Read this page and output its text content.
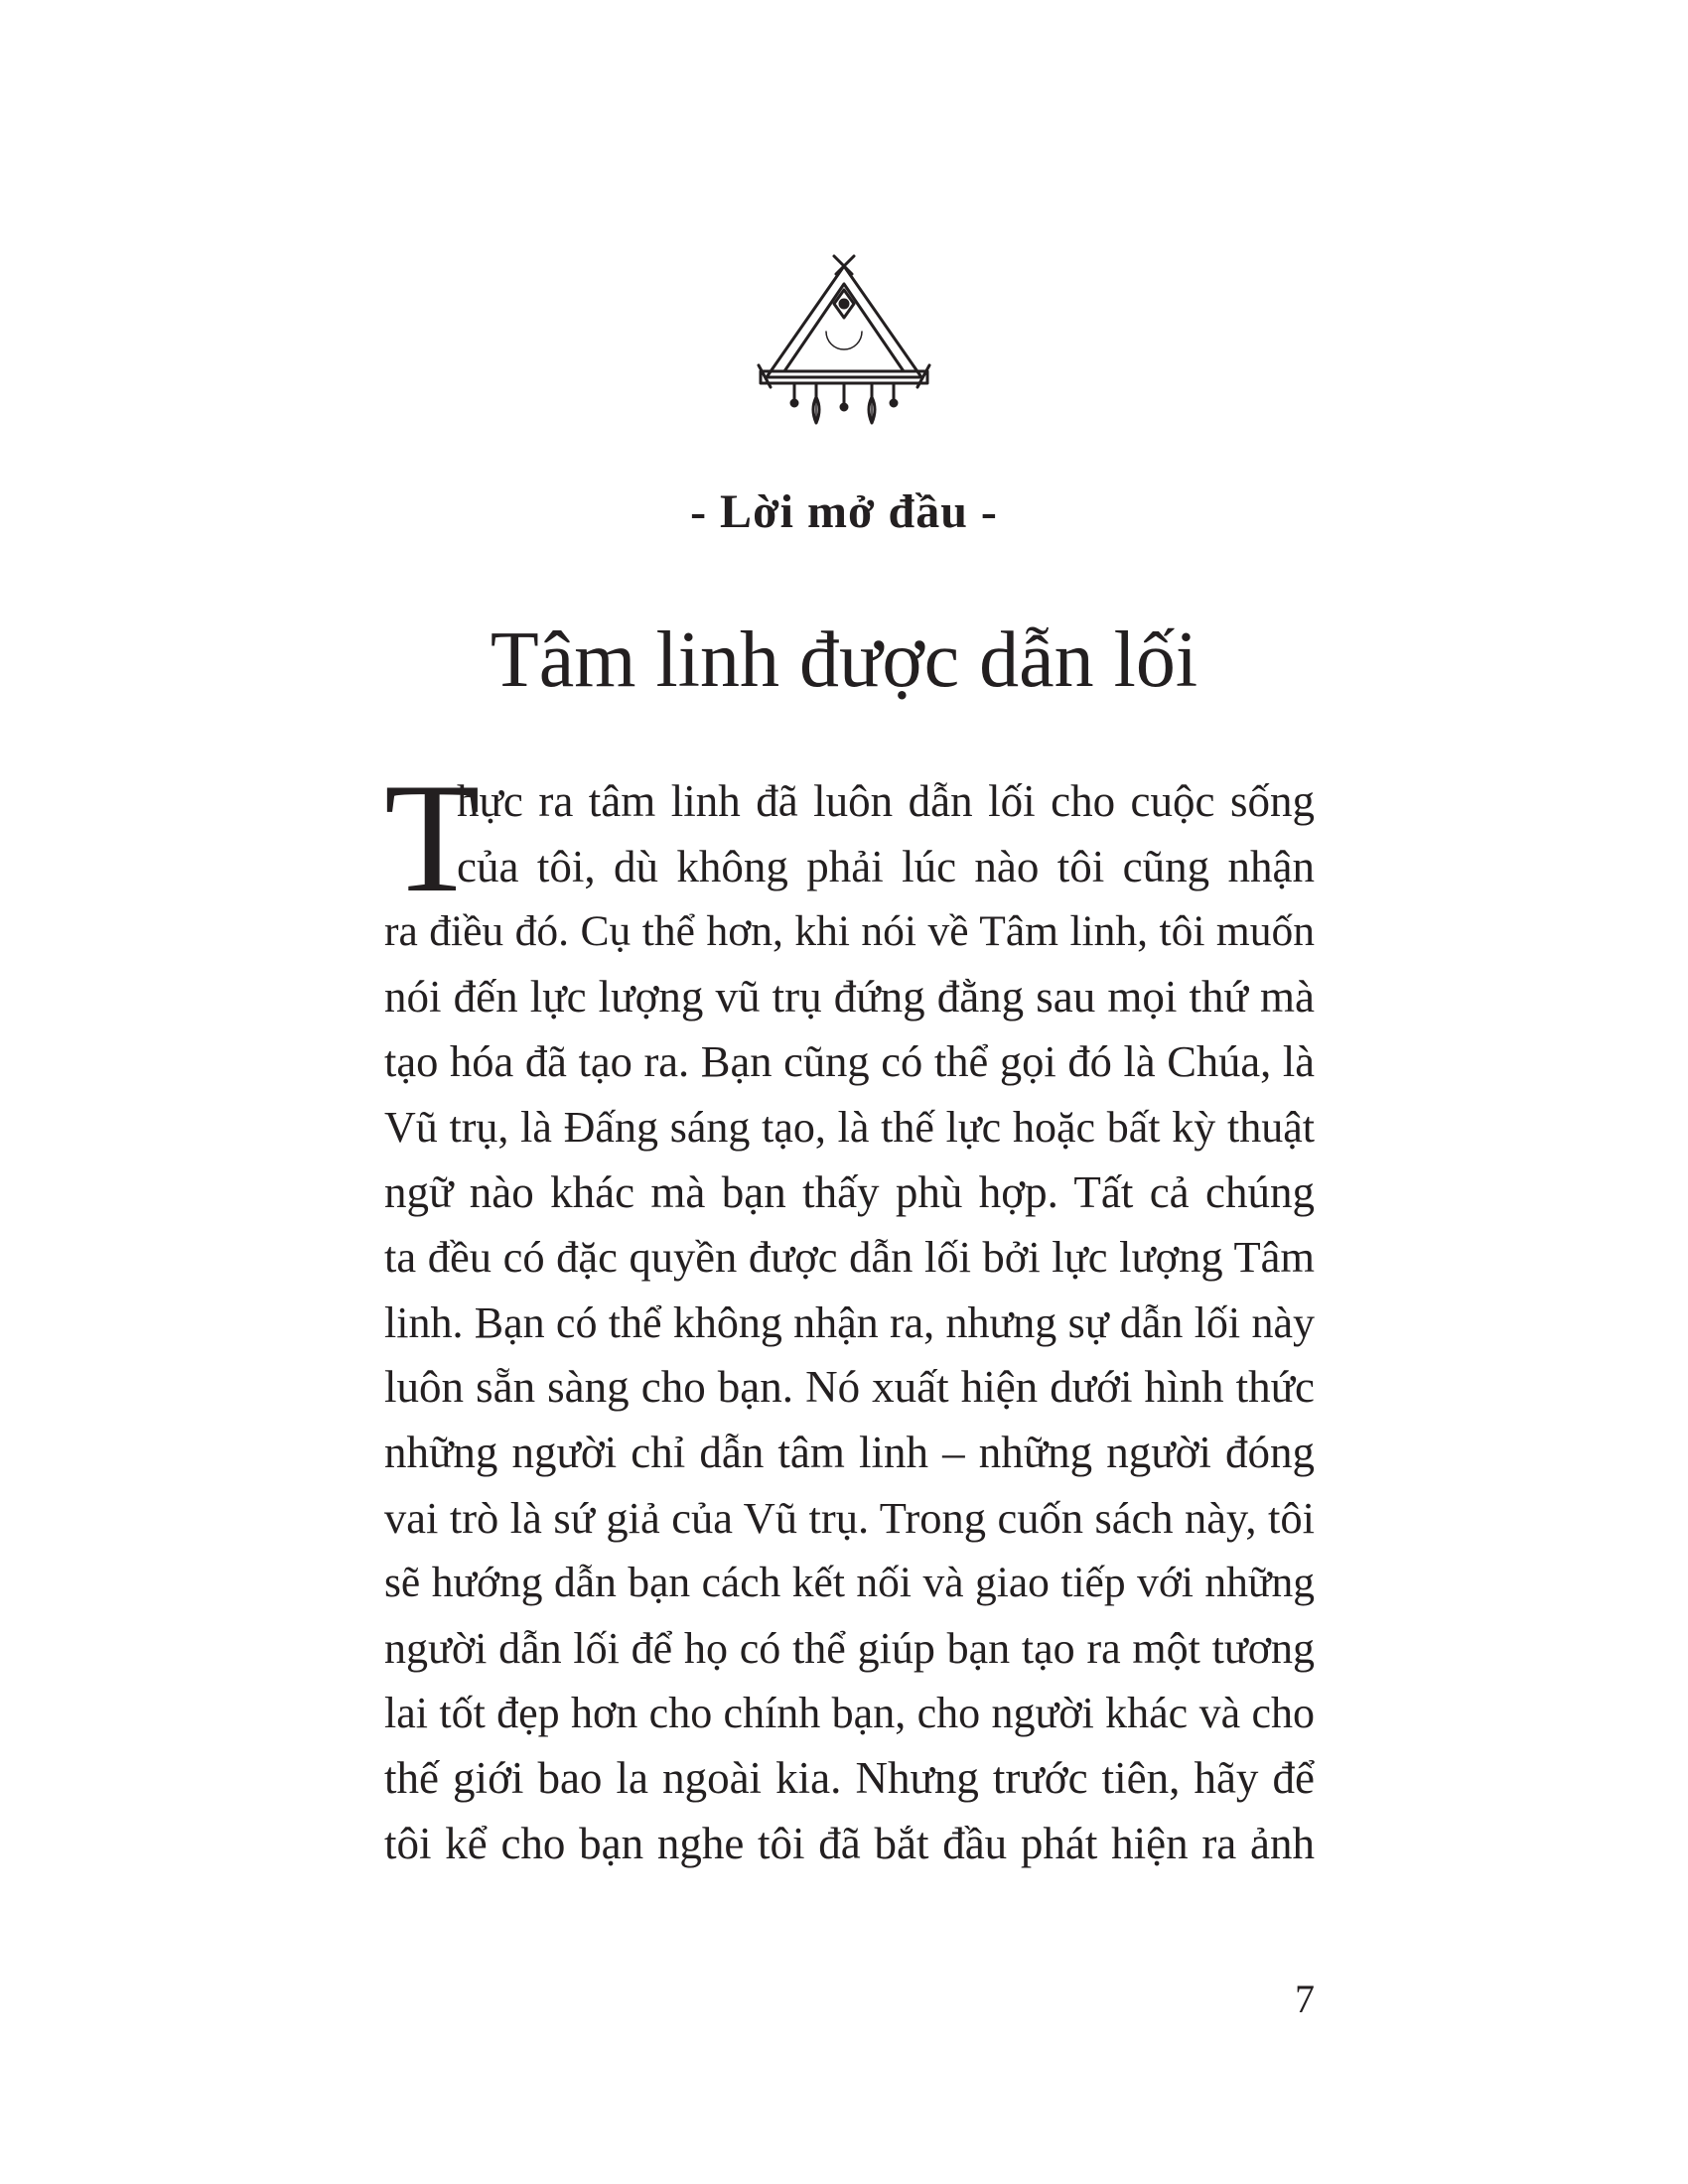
- Lời mở đầu -
Tâm linh được dẫn lối
T
hực ra tâm linh đã luôn dẫn lối cho cuộc sống
của tôi, dù không phải lúc nào tôi cũng nhận
ra điều đó. Cụ thể hơn, khi nói về Tâm linh, tôi muốn
nói đến lực lượng vũ trụ đứng đằng sau mọi thứ mà
tạo hóa đã tạo ra. Bạn cũng có thể gọi đó là Chúa, là
Vũ trụ, là Đấng sáng tạo, là thế lực hoặc bất kỳ thuật
ngữ nào khác mà bạn thấy phù hợp. Tất cả chúng
ta đều có đặc quyền được dẫn lối bởi lực lượng Tâm
linh. Bạn có thể không nhận ra, nhưng sự dẫn lối này
luôn sẵn sàng cho bạn. Nó xuất hiện dưới hình thức
những người chỉ dẫn tâm linh – những người đóng
vai trò là sứ giả của Vũ trụ. Trong cuốn sách này, tôi
sẽ hướng dẫn bạn cách kết nối và giao tiếp với những
người dẫn lối để họ có thể giúp bạn tạo ra một tương
lai tốt đẹp hơn cho chính bạn, cho người khác và cho
thế giới bao la ngoài kia. Nhưng trước tiên, hãy để
tôi kể cho bạn nghe tôi đã bắt đầu phát hiện ra ảnh
7
